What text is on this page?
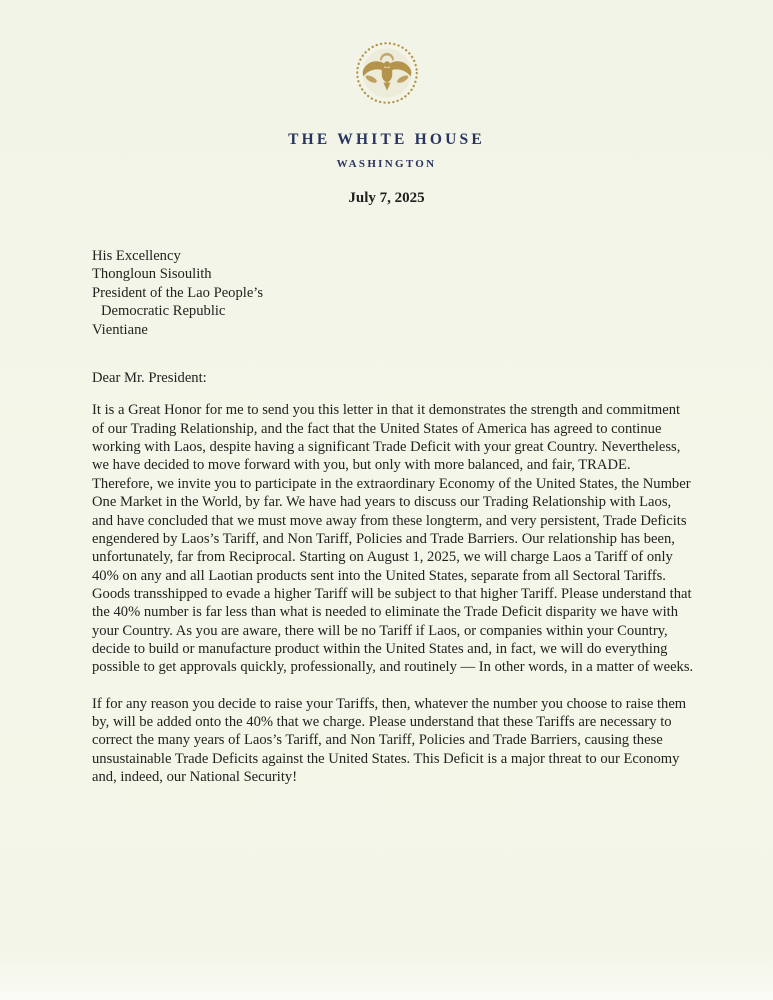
THE WHITE HOUSE
WASHINGTON
July 7, 2025
His Excellency
Thongloun Sisoulith
President of the Lao People’s
Democratic Republic
Vientiane
Dear Mr. President:

It is a Great Honor for me to send you this letter in that it demonstrates the strength and commitment of our Trading Relationship, and the fact that the United States of America has agreed to continue working with Laos, despite having a significant Trade Deficit with your great Country. Nevertheless, we have decided to move forward with you, but only with more balanced, and fair, TRADE. Therefore, we invite you to participate in the extraordinary Economy of the United States, the Number One Market in the World, by far. We have had years to discuss our Trading Relationship with Laos, and have concluded that we must move away from these longterm, and very persistent, Trade Deficits engendered by Laos’s Tariff, and Non Tariff, Policies and Trade Barriers. Our relationship has been, unfortunately, far from Reciprocal. Starting on August 1, 2025, we will charge Laos a Tariff of only 40% on any and all Laotian products sent into the United States, separate from all Sectoral Tariffs. Goods transshipped to evade a higher Tariff will be subject to that higher Tariff. Please understand that the 40% number is far less than what is needed to eliminate the Trade Deficit disparity we have with your Country. As you are aware, there will be no Tariff if Laos, or companies within your Country, decide to build or manufacture product within the United States and, in fact, we will do everything possible to get approvals quickly, professionally, and routinely — In other words, in a matter of weeks.

If for any reason you decide to raise your Tariffs, then, whatever the number you choose to raise them by, will be added onto the 40% that we charge. Please understand that these Tariffs are necessary to correct the many years of Laos’s Tariff, and Non Tariff, Policies and Trade Barriers, causing these unsustainable Trade Deficits against the United States. This Deficit is a major threat to our Economy and, indeed, our National Security!
